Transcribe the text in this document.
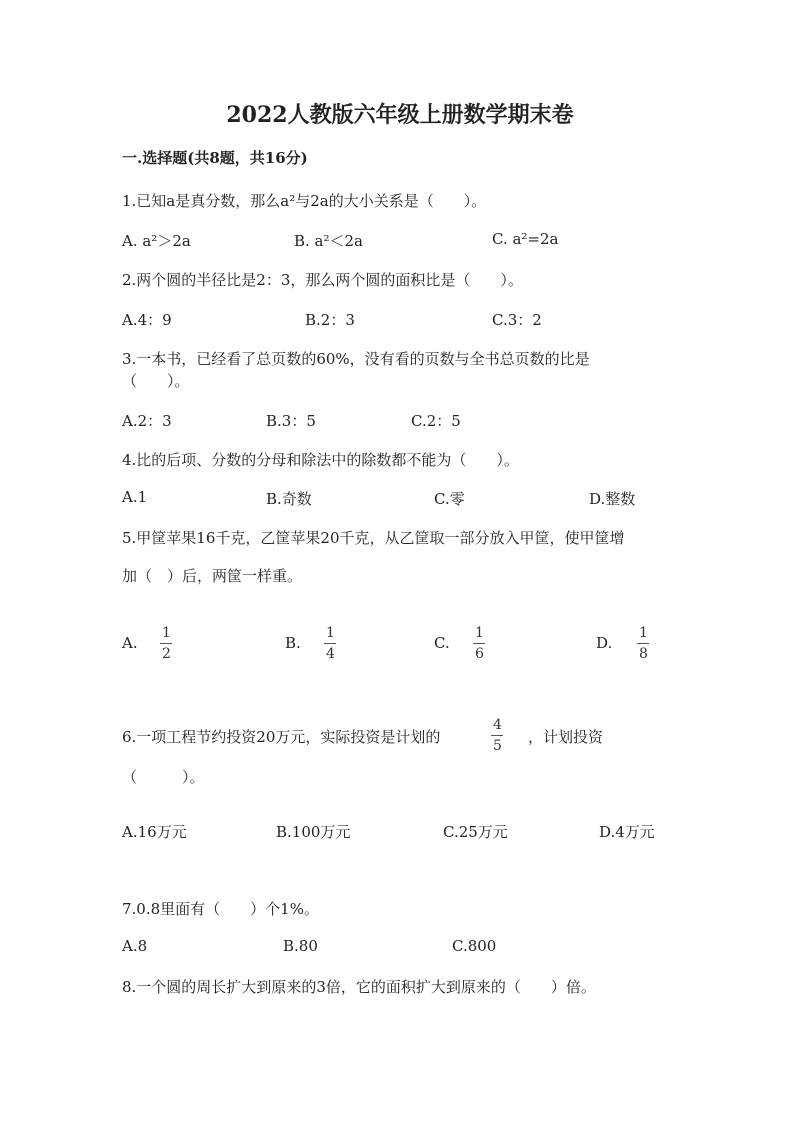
2022人教版六年级上册数学期末卷
一.选择题(共8题，共16分)
1.已知a是真分数，那么a²与2a的大小关系是（　　）。
A. a²＞2a	B. a²＜2a	C. a²=2a
2.两个圆的半径比是2：3，那么两个圆的面积比是（　　）。
A.4：9	B.2：3	C.3：2
3.一本书，已经看了总页数的60%，没有看的页数与全书总页数的比是
（　　）。
A.2：3	B.3：5	C.2：5
4.比的后项、分数的分母和除法中的除数都不能为（　　）。
A.1	B.奇数	C.零	D.整数
5.甲筐苹果16千克，乙筐苹果20千克，从乙筐取一部分放入甲筐，使甲筐增
加（　）后，两筐一样重。
A.
1
2
B.
1
4
C.
1
6
D.
1
8
6.一项工程节约投资20万元，实际投资是计划的
4
5 ，计划投资
（　　　）。
A.16万元	B.100万元	C.25万元	D.4万元
7.0.8里面有（　　）个1%。
A.8	B.80	C.800
8.一个圆的周长扩大到原来的3倍，它的面积扩大到原来的（　　）倍。
